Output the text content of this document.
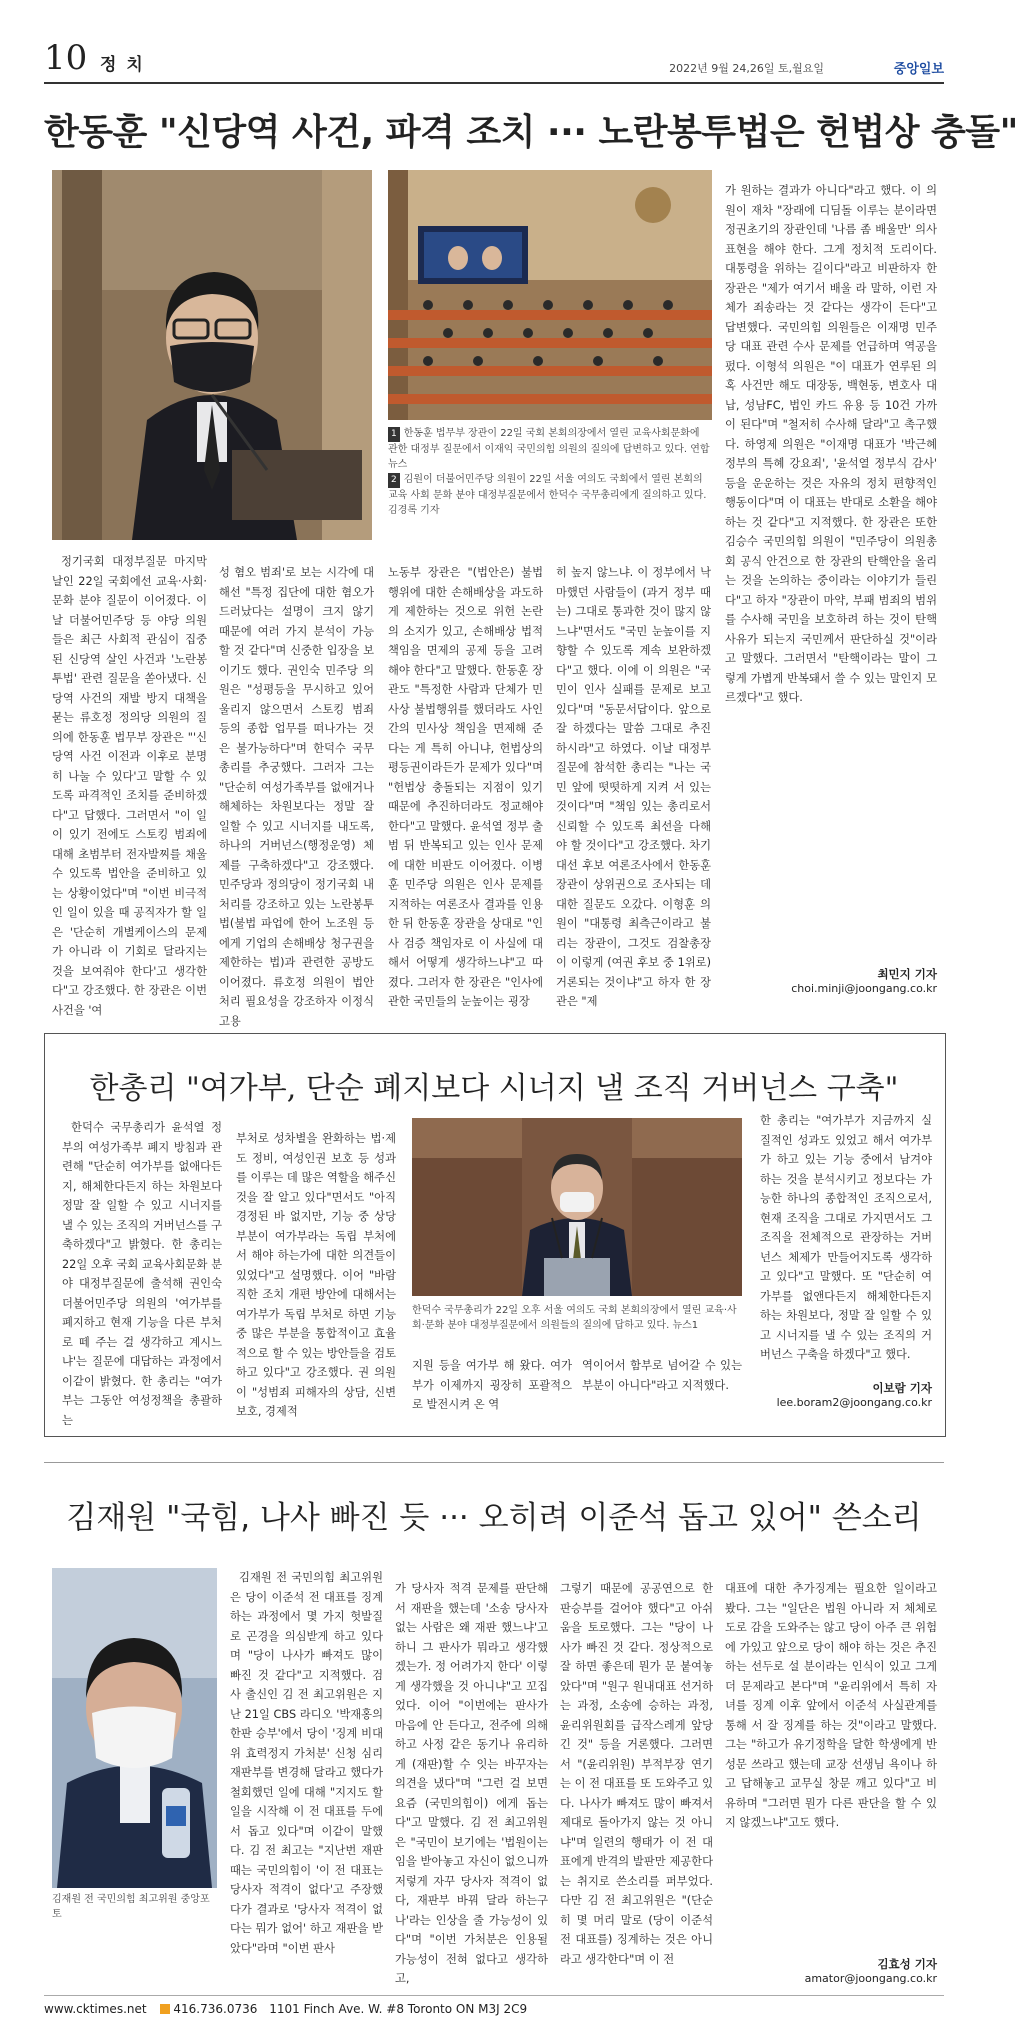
10 정 치	2022년 9월 24,26일 토,월요일	중앙일보
한동훈 "신당역 사건, 파격 조치 ··· 노란봉투법은 헌법상 충돌"
1 한동훈 법무부 장관이 22일 국회 본회의장에서 열린 교육사회문화에 관한 대정부 질문에서 이재익 국민의힘 의원의 질의에 답변하고 있다. 연합뉴스
2 김원이 더불어민주당 의원이 22일 서울 여의도 국회에서 열린 본회의 교육 사회 문화 분야 대정부질문에서 한덕수 국무총리에게 질의하고 있다. 김경록 기자

정기국회 대정부질문 마지막 날인 22일 국회에선 교육·사회·문화 분야 질문이 이어졌다. 이날 더불어민주당 등 야당 의원들은 최근 사회적 관심이 집중된 신당역 살인 사건과 '노란봉투법' 관련 질문을 쏟아냈다. 신당역 사건의 재발 방지 대책을 묻는 류호정 정의당 의원의 질의에 한동훈 법무부 장관은 "'신당역 사건 이전과 이후로 분명히 나눌 수 있다'고 말할 수 있도록 파격적인 조치를 준비하겠다"고 답했다. 그러면서 "이 일이 있기 전에도 스토킹 범죄에 대해 초범부터 전자발찌를 채울 수 있도록 법안을 준비하고 있는 상황이었다"며 "이번 비극적인 일이 있을 때 공직자가 할 일은 '단순히 개별케이스의 문제가 아니라 이 기회로 달라지는 것을 보여줘야 한다'고 생각한다"고 강조했다. 한 장관은 이번 사건을 '여

성 혐오 범죄'로 보는 시각에 대해선 "특정 집단에 대한 혐오가 드러났다는 설명이 크지 않기 때문에 여러 가지 분석이 가능할 것 같다"며 신중한 입장을 보이기도 했다. 권인숙 민주당 의원은 "성평등을 무시하고 있어 울리지 않으면서 스토킹 범죄 등의 종합 업무를 떠나가는 것은 불가능하다"며 한덕수 국무총리를 추궁했다. 그러자 그는 "단순히 여성가족부를 없애거나 해체하는 차원보다는 정말 잘 일할 수 있고 시너지를 내도록, 하나의 거버넌스(행정운영) 체제를 구축하겠다"고 강조했다. 민주당과 정의당이 정기국회 내 처리를 강조하고 있는 노란봉투법(불법 파업에 한어 노조원 등에게 기업의 손해배상 청구권을 제한하는 법)과 관련한 공방도 이어졌다. 류호정 의원이 법안 처리 필요성을 강조하자 이정식 고용

노동부 장관은 "(법안은) 불법행위에 대한 손해배상을 과도하게 제한하는 것으로 위헌 논란의 소지가 있고, 손해배상 법적 책임을 면제의 공제 등을 고려해야 한다"고 말했다. 한동훈 장관도 "특정한 사람과 단체가 민사상 불법행위를 했더라도 사인 간의 민사상 책임을 면제해 준다는 게 특히 아니냐, 헌법상의 평등권이라든가 문제가 있다"며 "헌법상 충돌되는 지점이 있기 때문에 추진하더라도 정교해야 한다"고 말했다. 윤석열 정부 출범 뒤 반복되고 있는 인사 문제에 대한 비판도 이어졌다. 이병훈 민주당 의원은 인사 문제를 지적하는 여론조사 결과를 인용한 뒤 한동훈 장관을 상대로 "인사 검증 책임자로 이 사실에 대해서 어떻게 생각하느냐"고 따졌다. 그러자 한 장관은 "인사에 관한 국민들의 눈높이는 굉장

히 높지 않느냐. 이 정부에서 낙마했던 사람들이 (과거 정부 때는) 그대로 통과한 것이 많지 않느냐"면서도 "국민 눈높이를 지향할 수 있도록 계속 보완하겠다"고 했다. 이에 이 의원은 "국민이 인사 실패를 문제로 보고 있다"며 "동문서답이다. 앞으로 잘 하겠다는 말씀 그대로 추진하시라"고 하였다. 이날 대정부질문에 참석한 총리는 "나는 국민 앞에 떳떳하게 지켜 서 있는 것이다"며 "책임 있는 총리로서 신뢰할 수 있도록 최선을 다해야 할 것이다"고 강조했다. 차기 대선 후보 여론조사에서 한동훈 장관이 상위권으로 조사되는 데 대한 질문도 오갔다. 이형훈 의원이 "대통령 최측근이라고 불리는 장관이, 그것도 검찰총장이 이렇게 (여권 후보 중 1위로) 거론되는 것이냐"고 하자 한 장관은 "제

가 원하는 결과가 아니다"라고 했다. 이 의원이 재차 "장래에 디딤돌 이루는 분이라면 정권초기의 장관인데 '나름 좀 배울만' 의사표현을 해야 한다. 그게 정치적 도리이다. 대통령을 위하는 길이다"라고 비판하자 한 장관은 "제가 여기서 배울 라 말하, 이런 자체가 죄송라는 것 같다는 생각이 든다"고 답변했다. 국민의힘 의원들은 이재명 민주당 대표 관련 수사 문제를 언급하며 역공을 펐다. 이형석 의원은 "이 대표가 연루된 의혹 사건만 해도 대장동, 백현동, 변호사 대납, 성남FC, 법인 카드 유용 등 10건 가까이 된다"며 "철저히 수사해 달라"고 촉구했다. 하영제 의원은 "이재명 대표가 '박근혜 정부의 특혜 강요죄', '윤석열 정부식 감사' 등을 운운하는 것은 자유의 정치 편향적인 행동이다"며 이 대표는 반대로 소환을 해야 하는 것 같다"고 지적했다. 한 장관은 또한 김승수 국민의힘 의원이 "민주당이 의원총회 공식 안건으로 한 장관의 탄핵안을 올리는 것을 논의하는 중이라는 이야기가 들린다"고 하자 "장관이 마약, 부패 범죄의 범위를 수사해 국민을 보호하려 하는 것이 탄핵 사유가 되는지 국민께서 판단하실 것"이라고 말했다. 그러면서 "탄핵이라는 말이 그렇게 가볍게 반복돼서 쓸 수 있는 말인지 모르겠다"고 했다.

최민지 기자
choi.minji@joongang.co.kr
한총리 "여가부, 단순 폐지보다 시너지 낼 조직 거버넌스 구축"
한덕수 국무총리가 22일 오후 서울 여의도 국회 본회의장에서 열린 교육·사회·문화 분야 대정부질문에서 의원들의 질의에 답하고 있다. 뉴스1

한덕수 국무총리가 윤석열 정부의 여성가족부 폐지 방침과 관련해 "단순히 여가부를 없애다든지, 해체한다든지 하는 차원보다 정말 잘 일할 수 있고 시너지를 낼 수 있는 조직의 거버넌스를 구축하겠다"고 밝혔다. 한 총리는 22일 오후 국회 교육사회문화 분야 대정부질문에 출석해 권인숙 더불어민주당 의원의 '여가부를 폐지하고 현재 기능을 다른 부처로 떼 주는 걸 생각하고 계시느냐'는 질문에 대답하는 과정에서 이같이 밝혔다. 한 총리는 "여가부는 그동안 여성정책을 총괄하는

부처로 성차별을 완화하는 법·제도 정비, 여성인권 보호 등 성과를 이루는 데 많은 역할을 해주신 것을 잘 알고 있다"면서도 "아직 경정된 바 없지만, 기능 중 상당 부분이 여가부라는 독립 부처에서 해야 하는가에 대한 의견들이 있었다"고 설명했다. 이어 "바람직한 조치 개편 방안에 대해서는 여가부가 독립 부처로 하면 기능 중 많은 부분을 통합적이고 효율적으로 할 수 있는 방안들을 검토하고 있다"고 강조했다. 권 의원이 "성범죄 피해자의 상담, 신변 보호, 경제적

지원 등을 여가부 해 왔다. 여가부가 이제까지 굉장히 포괄적으로 발전시켜 온 역

역이어서 함부로 넘어갈 수 있는 부분이 아니다"라고 지적했다.

한 총리는 "여가부가 지금까지 실질적인 성과도 있었고 해서 여가부가 하고 있는 기능 중에서 남겨야 하는 것을 분석시키고 정보다는 가능한 하나의 종합적인 조직으로서, 현재 조직을 그대로 가지면서도 그 조직을 전체적으로 관장하는 거버넌스 체제가 만들어지도록 생각하고 있다"고 말했다. 또 "단순히 여가부를 없앤다든지 해체한다든지 하는 차원보다, 정말 잘 일할 수 있고 시너지를 낼 수 있는 조직의 거버넌스 구축을 하겠다"고 했다.

이보람 기자
lee.boram2@joongang.co.kr
김재원 "국힘, 나사 빠진 듯 ··· 오히려 이준석 돕고 있어" 쓴소리
김재원 전 국민의힘 최고위원 중앙포토

김재원 전 국민의힘 최고위원은 당이 이준석 전 대표를 징계하는 과정에서 몇 가지 헛발질로 곤경을 의심받게 하고 있다며 "당이 나사가 빠져도 많이 빠진 것 같다"고 지적했다. 검사 출신인 김 전 최고위원은 지난 21일 CBS 라디오 '박재홍의 한판 승부'에서 당이 '징계 비대위 효력정지 가처분' 신청 심리 재판부를 변경해 달라고 했다가 철회했던 일에 대해 "지지도 할 일을 시작해 이 전 대표를 두에서 돕고 있다"며 이같이 말했다. 김 전 최고는 "지난번 재판 때는 국민의힘이 '이 전 대표는 당사자 적격이 없다'고 주장했다가 결과로 '당사자 적격이 없다는 뭐가 없어' 하고 재판을 받았다"라며 "이번 판사

가 당사자 적격 문제를 판단해서 재판을 했는데 '소송 당사자 없는 사람은 왜 재판 했느냐'고 하니 그 판사가 뭐라고 생각했겠는가. 정 어려가지 한다' 이렇게 생각했을 것 아니냐"고 꼬집었다. 이어 "이번에는 판사가 마음에 안 든다고, 전주에 의해 하고 사정 같은 동기나 유리하게 (재판)할 수 잇는 바꾸자는 의견을 냈다"며 "그런 걸 보면 요즘 (국민의힘이) 에게 돕는다"고 말했다. 김 전 최고위원은 "국민이 보기에는 '법원이는 임을 받아놓고 자신이 없으니까 저렇게 자꾸 당사자 적격이 없다, 재판부 바꿔 달라 하는구나'라는 인상을 줄 가능성이 있다"며 "이번 가처분은 인용될 가능성이 전혀 없다고 생각하고,

그렇기 때문에 공공연으로 한 판승부를 걸어야 했다"고 아쉬움을 토로했다. 그는 "당이 나사가 빠진 것 같다. 정상적으로 잘 하면 좋은데 뭔가 문 붙여놓았다"며 "원구 원내대표 선거하는 과정, 소송에 승하는 과정, 윤리위원회를 급작스레게 앞당긴 것" 등을 거론했다. 그러면서 "(윤리위원) 부적부장 연기는 이 전 대표를 또 도와주고 있다. 나사가 빠져도 많이 빠져서 제대로 돌아가지 않는 것 아니냐"며 일련의 행태가 이 전 대표에게 반격의 발판만 제공한다는 취지로 쓴소리를 퍼부었다. 다만 김 전 최고위원은 "(단순히 몇 머리 말로 (당이 이준석 전 대표를) 징계하는 것은 아니라고 생각한다"며 이 전

대표에 대한 추가징계는 필요한 일이라고 봤다. 그는 "일단은 법원 아니라 저 체체로 도로 감을 도와주는 않고 당이 아주 큰 위험에 가있고 앞으로 당이 해야 하는 것은 추진하는 선두로 설 분이라는 인식이 있고 그게 더 문제라고 본다"며 "윤리위에서 특히 자녀를 징계 이후 앞에서 이준석 사실관계를 통해 서 잘 징계를 하는 것"이라고 말했다. 그는 "하고가 유기정학을 달한 학생에게 반성문 쓰라고 했는데 교장 선생님 욕이나 하고 답해놓고 교무실 창문 깨고 있다"고 비유하며 "그러면 뭔가 다른 판단을 할 수 있지 않겠느냐"고도 했다.

김효성 기자
amator@joongang.co.kr
www.cktimes.net 416.736.0736 1101 Finch Ave. W. #8 Toronto ON M3J 2C9
